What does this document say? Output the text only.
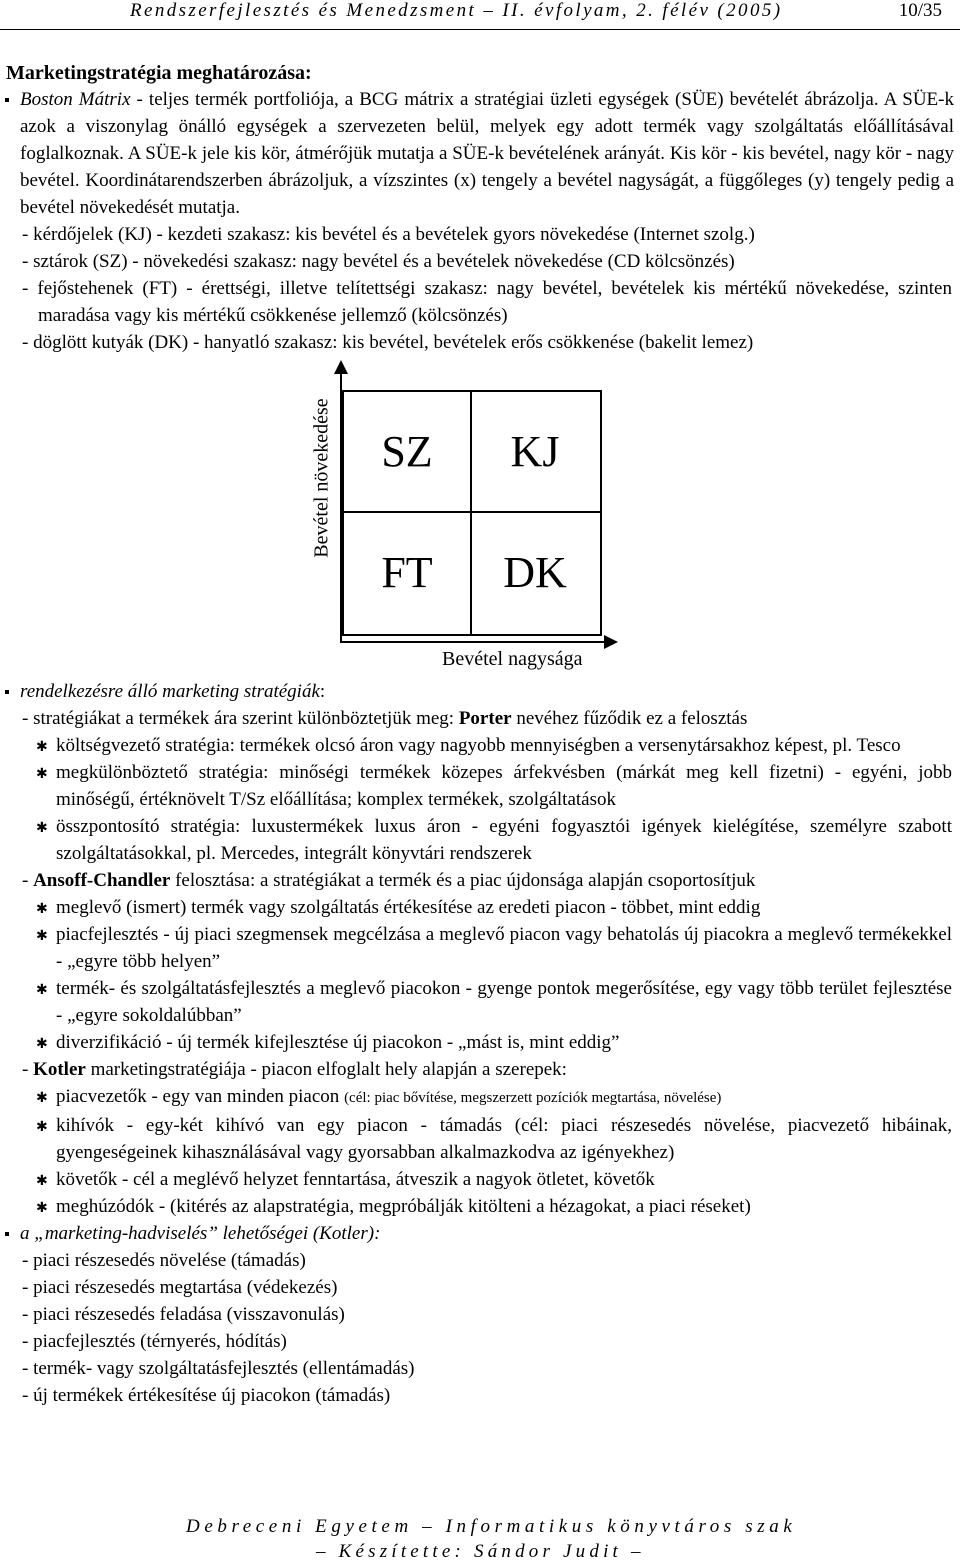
Rendszerfejlesztés és Menedzsment – II. évfolyam, 2. félév (2005)	10/35
Marketingstratégia meghatározása:
Boston Mátrix - teljes termék portfoliója, a BCG mátrix a stratégiai üzleti egységek (SÜE) bevételét ábrázolja. A SÜE-k azok a viszonylag önálló egységek a szervezeten belül, melyek egy adott termék vagy szolgáltatás előállításával foglalkoznak. A SÜE-k jele kis kör, átmérőjük mutatja a SÜE-k bevételének arányát. Kis kör - kis bevétel, nagy kör - nagy bevétel. Koordinátarendszerben ábrázoljuk, a vízszintes (x) tengely a bevétel nagyságát, a függőleges (y) tengely pedig a bevétel növekedését mutatja.
- kérdőjelek (KJ) - kezdeti szakasz: kis bevétel és a bevételek gyors növekedése (Internet szolg.)
- sztárok (SZ) - növekedési szakasz: nagy bevétel és a bevételek növekedése (CD kölcsönzés)
- fejőstehenek (FT) - érettségi, illetve telítettségi szakasz: nagy bevétel, bevételek kis mértékű növekedése, szinten maradása vagy kis mértékű csökkenése jellemző (kölcsönzés)
- döglött kutyák (DK) - hanyatló szakasz: kis bevétel, bevételek erős csökkenése (bakelit lemez)
Bevétel növekedése	SZ	KJ
FT	DK
Bevétel nagysága
rendelkezésre álló marketing stratégiák:
- stratégiákat a termékek ára szerint különböztetjük meg: Porter nevéhez fűződik ez a felosztás
✱ költségvezető stratégia: termékek olcsó áron vagy nagyobb mennyiségben a versenytársakhoz képest, pl. Tesco
✱ megkülönböztető stratégia: minőségi termékek közepes árfekvésben (márkát meg kell fizetni) - egyéni, jobb minőségű, értéknövelt T/Sz előállítása; komplex termékek, szolgáltatások
✱ összpontosító stratégia: luxustermékek luxus áron - egyéni fogyasztói igények kielégítése, személyre szabott szolgáltatásokkal, pl. Mercedes, integrált könyvtári rendszerek
- Ansoff-Chandler felosztása: a stratégiákat a termék és a piac újdonsága alapján csoportosítjuk
✱ meglevő (ismert) termék vagy szolgáltatás értékesítése az eredeti piacon - többet, mint eddig
✱ piacfejlesztés - új piaci szegmensek megcélzása a meglevő piacon vagy behatolás új piacokra a meglevő termékekkel - „egyre több helyen”
✱ termék- és szolgáltatásfejlesztés a meglevő piacokon - gyenge pontok megerősítése, egy vagy több terület fejlesztése - „egyre sokoldalúbban”
✱ diverzifikáció - új termék kifejlesztése új piacokon - „mást is, mint eddig”
- Kotler marketingstratégiája - piacon elfoglalt hely alapján a szerepek:
✱ piacvezetők - egy van minden piacon (cél: piac bővítése, megszerzett pozíciók megtartása, növelése)
✱ kihívók - egy-két kihívó van egy piacon - támadás (cél: piaci részesedés növelése, piacvezető hibáinak, gyengeségeinek kihasználásával vagy gyorsabban alkalmazkodva az igényekhez)
✱ követők - cél a meglévő helyzet fenntartása, átveszik a nagyok ötletet, követők
✱ meghúzódók - (kitérés az alapstratégia, megpróbálják kitölteni a hézagokat, a piaci réseket)
a „marketing-hadviselés” lehetőségei (Kotler):
- piaci részesedés növelése (támadás)
- piaci részesedés megtartása (védekezés)
- piaci részesedés feladása (visszavonulás)
- piacfejlesztés (térnyerés, hódítás)
- termék- vagy szolgáltatásfejlesztés (ellentámadás)
- új termékek értékesítése új piacokon (támadás)
Debreceni Egyetem – Informatikus könyvtáros szak
– Készítette: Sándor Judit –
